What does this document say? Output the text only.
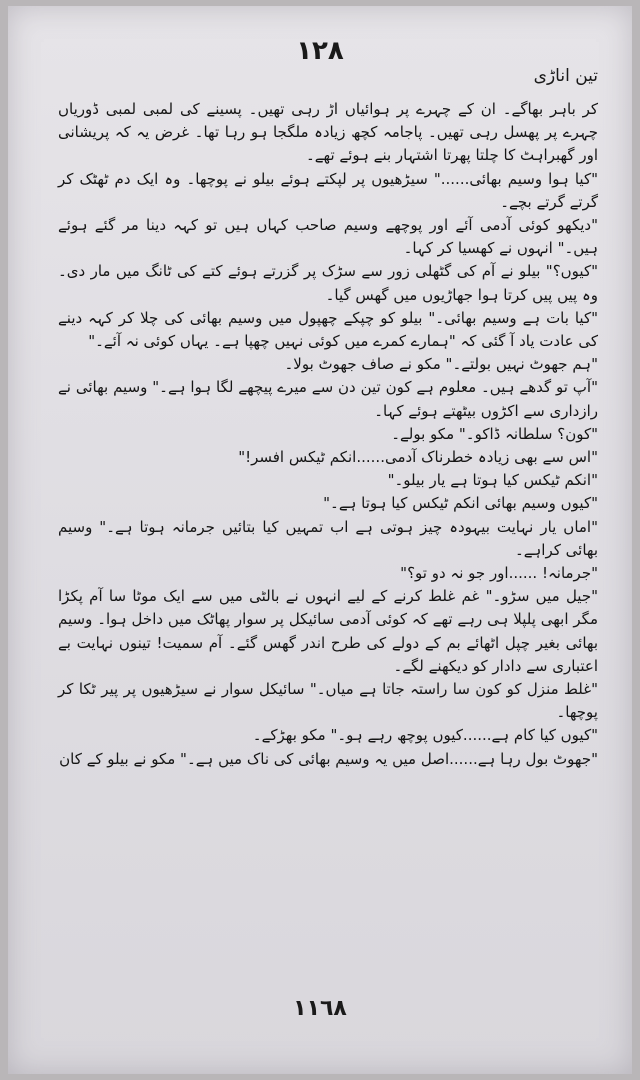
١٢٨
تین اناڑی

کر باہر بھاگے۔ ان کے چہرے پر ہوائیاں اڑ رہی تھیں۔ پسینے کی لمبی لمبی ڈوریاں چہرے پر پھسل رہی تھیں۔ پاجامہ کچھ زیادہ ملگجا ہو رہا تھا۔ غرض یہ کہ پریشانی اور گھبراہٹ کا چلتا پھرتا اشتہار بنے ہوئے تھے۔

"کیا ہوا وسیم بھائی......" سیڑھیوں پر لپکتے ہوئے بیلو نے پوچھا۔ وہ ایک دم ٹھٹک کر گرتے گرتے بچے۔

"دیکھو کوئی آدمی آئے اور پوچھے وسیم صاحب کہاں ہیں تو کہہ دینا مر گئے ہوئے ہیں۔" انہوں نے کھسیا کر کہا۔

"کیوں؟" بیلو نے آم کی گٹھلی زور سے سڑک پر گزرتے ہوئے کتے کی ٹانگ میں مار دی۔ وہ پیں پیں کرتا ہوا جھاڑیوں میں گھس گیا۔

"کیا بات ہے وسیم بھائی۔" بیلو کو چپکے چھپول میں وسیم بھائی کی چلا کر کہہ دینے کی عادت یاد آ گئی کہ "ہمارے کمرے میں کوئی نہیں چھپا ہے۔ یہاں کوئی نہ آئے۔"

"ہم جھوٹ نہیں بولتے۔" مکو نے صاف جھوٹ بولا۔

"آپ تو گدھے ہیں۔ معلوم ہے کون تین دن سے میرے پیچھے لگا ہوا ہے۔" وسیم بھائی نے رازداری سے اکڑوں بیٹھتے ہوئے کہا۔

"کون؟ سلطانہ ڈاکو۔" مکو بولے۔

"اس سے بھی زیادہ خطرناک آدمی......انکم ٹیکس افسر!"

"انکم ٹیکس کیا ہوتا ہے یار بیلو۔"

"کیوں وسیم بھائی انکم ٹیکس کیا ہوتا ہے۔"

"اماں یار نہایت بیہودہ چیز ہوتی ہے اب تمہیں کیا بتائیں جرمانہ ہوتا ہے۔" وسیم بھائی کراہے۔

"جرمانہ! ......اور جو نہ دو تو؟"

"جیل میں سڑو۔" غم غلط کرنے کے لیے انہوں نے بالٹی میں سے ایک موٹا سا آم پکڑا مگر ابھی پلپلا ہی رہے تھے کہ کوئی آدمی سائیکل پر سوار پھاٹک میں داخل ہوا۔ وسیم بھائی بغیر چپل اٹھائے بم کے دولے کی طرح اندر گھس گئے۔ آم سمیت! تینوں نہایت بے اعتباری سے دادار کو دیکھنے لگے۔

"غلط منزل کو کون سا راستہ جاتا ہے میاں۔" سائیکل سوار نے سیڑھیوں پر پیر ٹکا کر پوچھا۔

"کیوں کیا کام ہے......کیوں پوچھ رہے ہو۔" مکو بھڑکے۔

"جھوٹ بول رہا ہے......اصل میں یہ وسیم بھائی کی ناک میں ہے۔" مکو نے بیلو کے کان

١١٦٨
